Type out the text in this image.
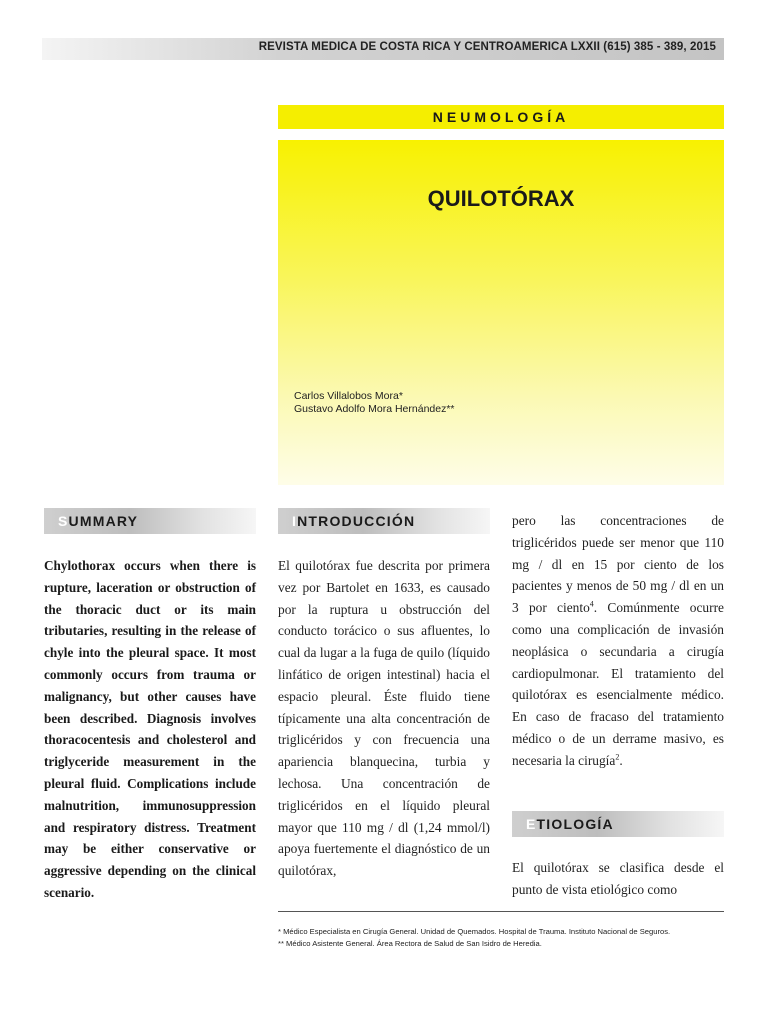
REVISTA MEDICA DE COSTA RICA Y CENTROAMERICA LXXII (615) 385 - 389, 2015
NEUMOLOGÍA
QUILOTÓRAX
Carlos Villalobos Mora*
Gustavo Adolfo Mora Hernández**
SUMMARY
Chylothorax occurs when there is rupture, laceration or obstruction of the thoracic duct or its main tributaries, resulting in the release of chyle into the pleural space. It most commonly occurs from trauma or malignancy, but other causes have been described. Diagnosis involves thoracocentesis and cholesterol and triglyceride measurement in the pleural fluid. Complications include malnutrition, immunosuppression and respiratory distress. Treatment may be either conservative or aggressive depending on the clinical scenario.
INTRODUCCIÓN
El quilotórax fue descrita por primera vez por Bartolet en 1633, es causado por la ruptura u obstrucción del conducto torácico o sus afluentes, lo cual da lugar a la fuga de quilo (líquido linfático de origen intestinal) hacia el espacio pleural. Éste fluido tiene típicamente una alta concentración de triglicéridos y con frecuencia una apariencia blanquecina, turbia y lechosa. Una concentración de triglicéridos en el líquido pleural mayor que 110 mg / dl (1,24 mmol/l) apoya fuertemente el diagnóstico de un quilotórax,
pero las concentraciones de triglicéridos puede ser menor que 110 mg / dl en 15 por ciento de los pacientes y menos de 50 mg / dl en un 3 por ciento$^4$. Comúnmente ocurre como una complicación de invasión neoplásica o secundaria a cirugía cardiopulmonar. El tratamiento del quilotórax es esencialmente médico. En caso de fracaso del tratamiento médico o de un derrame masivo, es necesaria la cirugía$^2$.
ETIOLOGÍA
El quilotórax se clasifica desde el punto de vista etiológico como
* Médico Especialista en Cirugía General. Unidad de Quemados. Hospital de Trauma. Instituto Nacional de Seguros.
** Médico Asistente General. Área Rectora de Salud de San Isidro de Heredia.
